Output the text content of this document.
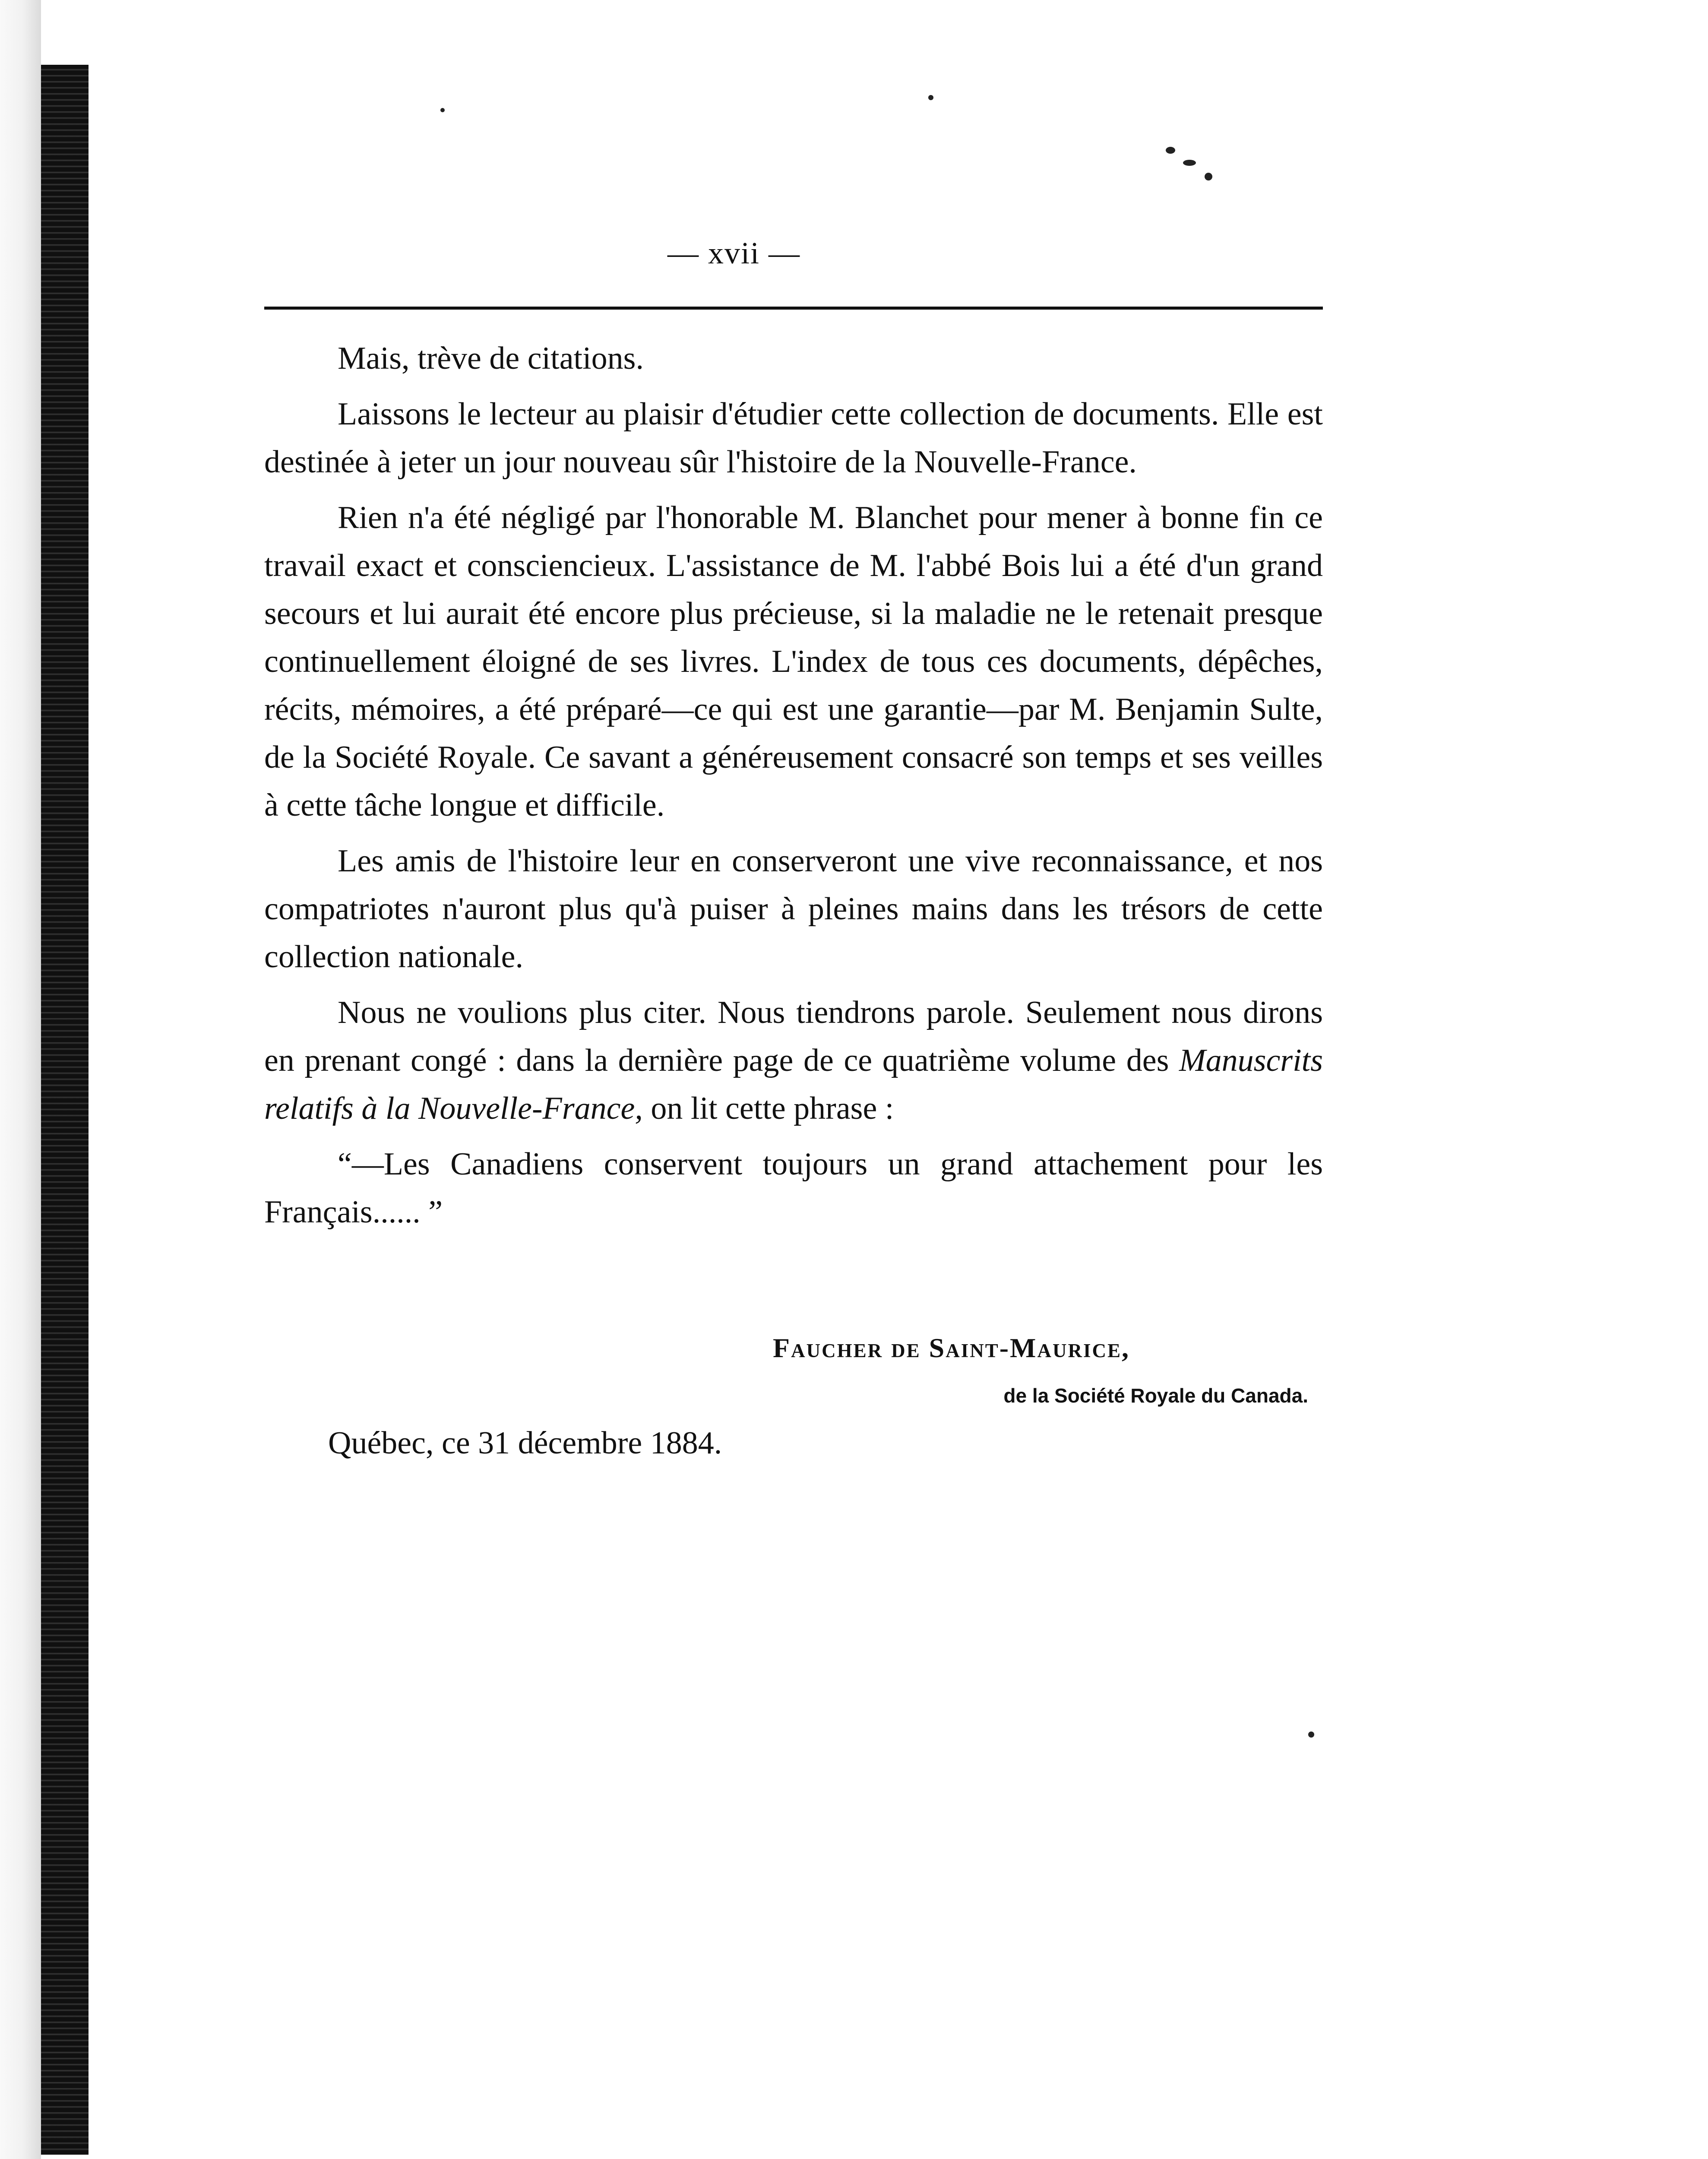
— xvii —

Mais, trève de citations.

Laissons le lecteur au plaisir d'étudier cette collection de documents. Elle est destinée à jeter un jour nouveau sûr l'histoire de la Nouvelle-France.

Rien n'a été négligé par l'honorable M. Blanchet pour mener à bonne fin ce travail exact et consciencieux. L'assistance de M. l'abbé Bois lui a été d'un grand secours et lui aurait été encore plus précieuse, si la maladie ne le retenait presque continuellement éloigné de ses livres. L'index de tous ces documents, dépêches, récits, mémoires, a été préparé—ce qui est une garantie—par M. Benjamin Sulte, de la Société Royale. Ce savant a généreusement consacré son temps et ses veilles à cette tâche longue et difficile.

Les amis de l'histoire leur en conserveront une vive reconnaissance, et nos compatriotes n'auront plus qu'à puiser à pleines mains dans les trésors de cette collection nationale.

Nous ne voulions plus citer. Nous tiendrons parole. Seulement nous dirons en prenant congé : dans la dernière page de ce quatrième volume des Manuscrits relatifs à la Nouvelle-France, on lit cette phrase :

“—Les Canadiens conservent toujours un grand attachement pour les Français...... ”

Faucher de Saint-Maurice,
de la Société Royale du Canada.
Québec, ce 31 décembre 1884.
